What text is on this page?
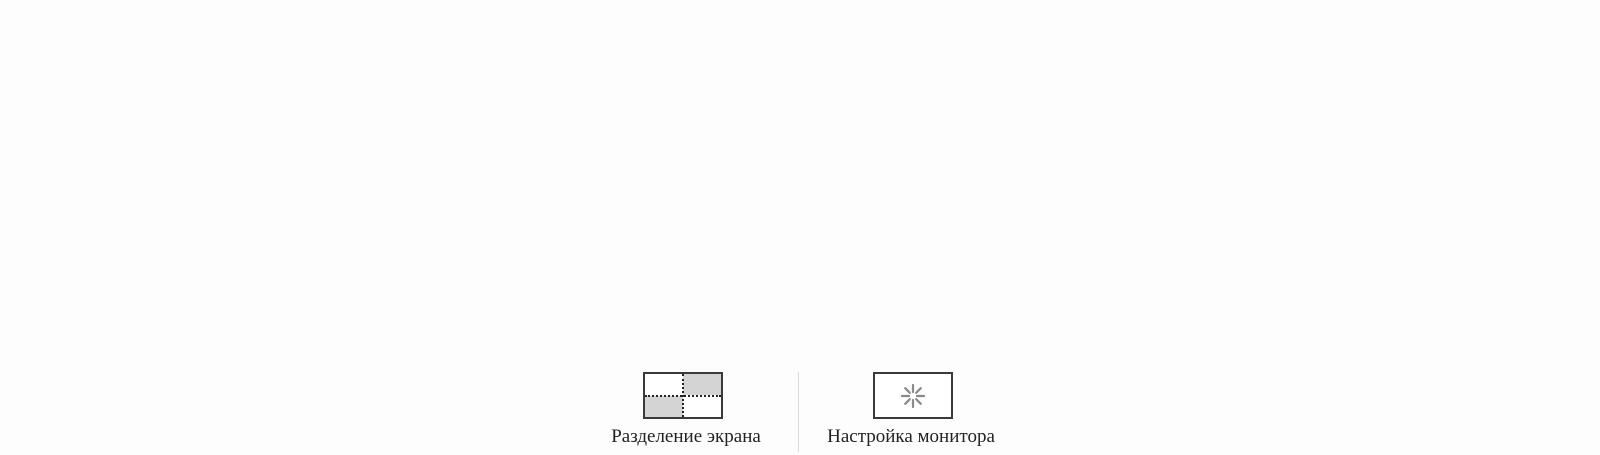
Разделение экрана	Настройка монитора
